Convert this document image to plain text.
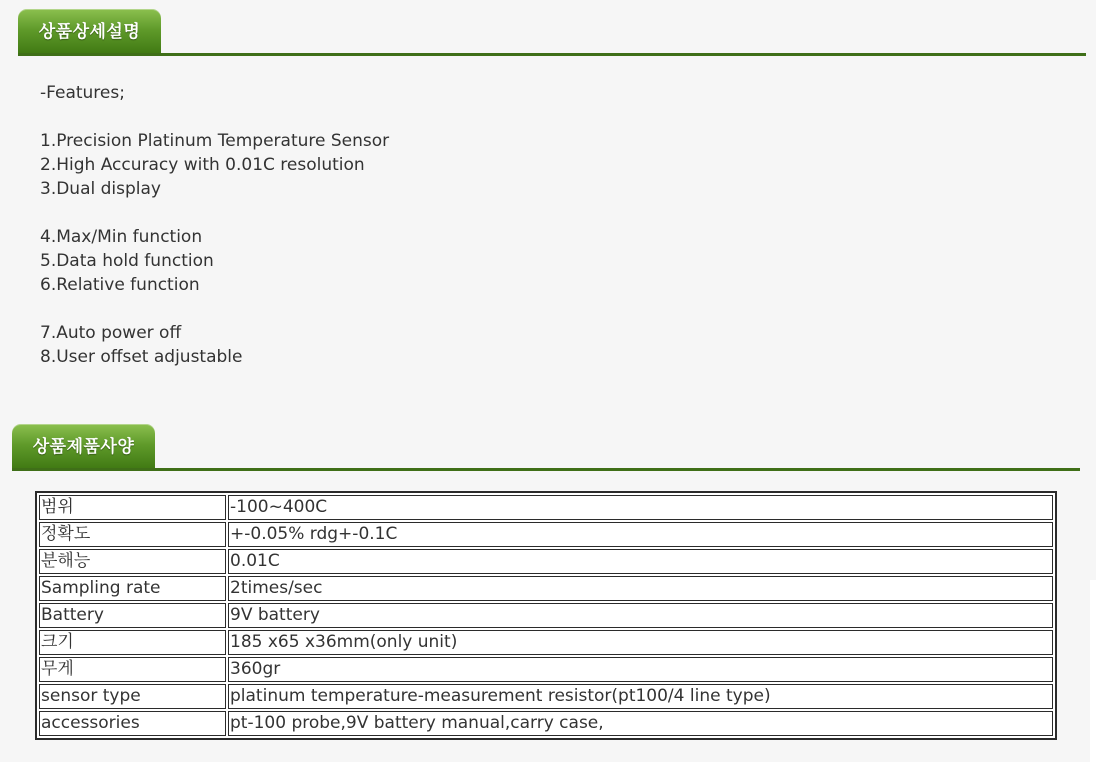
상품상세설명
-Features;
1.Precision Platinum Temperature Sensor
2.High Accuracy with 0.01C resolution
3.Dual display
4.Max/Min function
5.Data hold function
6.Relative function
7.Auto power off
8.User offset adjustable
상품제품사양
범위	-100~400C
정확도	+-0.05% rdg+-0.1C
분해능	0.01C
Sampling rate	2times/sec
Battery	9V battery
크기	185 x65 x36mm(only unit)
무게	360gr
sensor type	platinum temperature-measurement resistor(pt100/4 line type)
accessories	pt-100 probe,9V battery manual,carry case,
